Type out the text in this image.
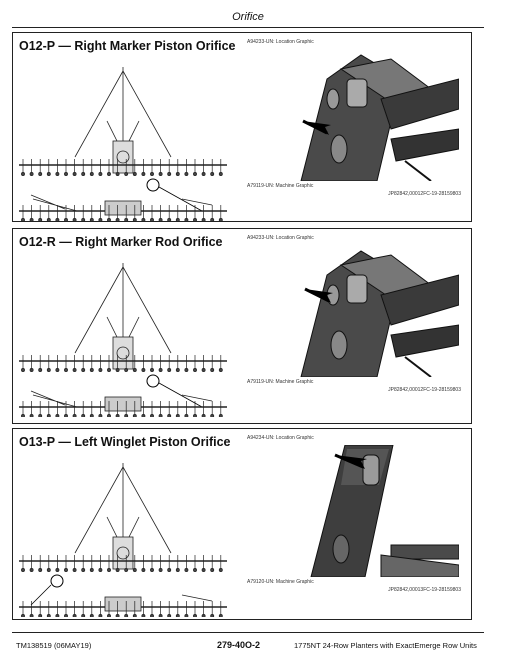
Orifice
O12-P — Right Marker Piston Orifice A94233-UN: Location Graphic
A79119-UN: Machine Graphic
JP82842,00012FC-19-28159803
O12-R — Right Marker Rod Orifice	A94233-UN: Location Graphic
A79119-UN: Machine Graphic
JP82842,00012FC-19-28159803
O13-P — Left Winglet Piston Orifice	A94234-UN: Location Graphic
A79120-UN: Machine Graphic
JP82842,00013FC-19-28159803
TM138519 (06MAY19)	279-40O-2	1775NT 24-Row Planters with ExactEmerge Row Units
